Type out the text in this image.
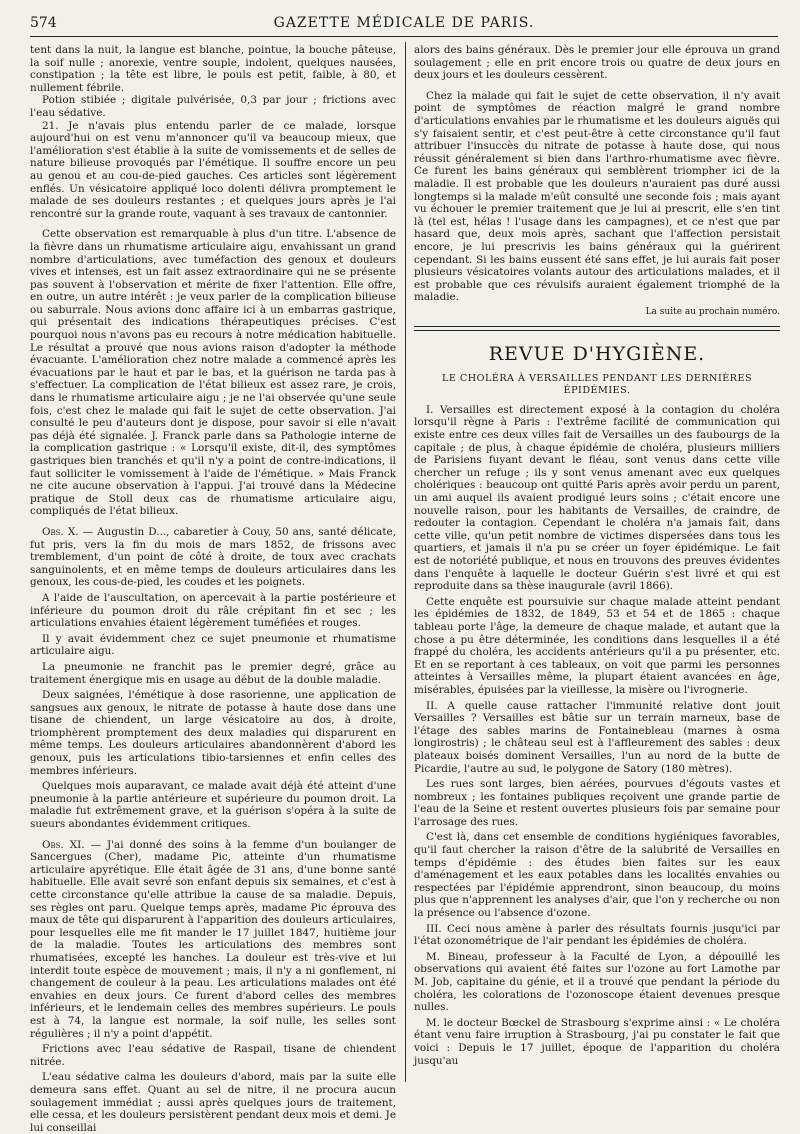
574	GAZETTE MÉDICALE DE PARIS.

tent dans la nuit, la langue est blanche, pointue, la bouche pâteuse, la soif nulle ; anorexie, ventre souple, indolent, quelques nausées, constipation ; la tête est libre, le pouls est petit, faible, à 80, et nullement fébrile.

Potion stibiée ; digitale pulvérisée, 0,3 par jour ; frictions avec l'eau sédative.

21. Je n'avais plus entendu parler de ce malade, lorsque aujourd'hui on est venu m'annoncer qu'il va beaucoup mieux, que l'amélioration s'est établie à la suite de vomissements et de selles de nature bilieuse provoqués par l'émétique. Il souffre encore un peu au genou et au cou-de-pied gauches. Ces articles sont légèrement enflés. Un vésicatoire appliqué loco dolenti délivra promptement le malade de ses douleurs restantes ; et quelques jours après je l'ai rencontré sur la grande route, vaquant à ses travaux de cantonnier.

Cette observation est remarquable à plus d'un titre. L'absence de la fièvre dans un rhumatisme articulaire aigu, envahissant un grand nombre d'articulations, avec tuméfaction des genoux et douleurs vives et intenses, est un fait assez extraordinaire qui ne se présente pas souvent à l'observation et mérite de fixer l'attention. Elle offre, en outre, un autre intérêt : je veux parler de la complication bilieuse ou saburrale. Nous avions donc affaire ici à un embarras gastrique, qui présentait des indications thérapeutiques précises. C'est pourquoi nous n'avons pas eu recours à notre médication habituelle. Le résultat a prouvé que nous avions raison d'adopter la méthode évacuante. L'amélioration chez notre malade a commencé après les évacuations par le haut et par le bas, et la guérison ne tarda pas à s'effectuer. La complication de l'état bilieux est assez rare, je crois, dans le rhumatisme articulaire aigu ; je ne l'ai observée qu'une seule fois, c'est chez le malade qui fait le sujet de cette observation. J'ai consulté le peu d'auteurs dont je dispose, pour savoir si elle n'avait pas déjà été signalée. J. Franck parle dans sa Pathologie interne de la complication gastrique : « Lorsqu'il existe, dit-il, des symptômes gastriques bien tranchés et qu'il n'y a point de contre-indications, il faut solliciter le vomissement à l'aide de l'émétique. » Mais Franck ne cite aucune observation à l'appui. J'ai trouvé dans la Médecine pratique de Stoll deux cas de rhumatisme articulaire aigu, compliqués de l'état bilieux.

Obs. X. — Augustin D..., cabaretier à Couy, 50 ans, santé délicate, fut pris, vers la fin du mois de mars 1852, de frissons avec tremblement, d'un point de côté à droite, de toux avec crachats sanguinolents, et en même temps de douleurs articulaires dans les genoux, les cous-de-pied, les coudes et les poignets.

A l'aide de l'auscultation, on apercevait à la partie postérieure et inférieure du poumon droit du râle crépitant fin et sec ; les articulations envahies étaient légèrement tuméfiées et rouges.

Il y avait évidemment chez ce sujet pneumonie et rhumatisme articulaire aigu.

La pneumonie ne franchit pas le premier degré, grâce au traitement énergique mis en usage au début de la double maladie.

Deux saignées, l'émétique à dose rasorienne, une application de sangsues aux genoux, le nitrate de potasse à haute dose dans une tisane de chiendent, un large vésicatoire au dos, à droite, triomphèrent promptement des deux maladies qui disparurent en même temps. Les douleurs articulaires abandonnèrent d'abord les genoux, puis les articulations tibio-tarsiennes et enfin celles des membres inférieurs.

Quelques mois auparavant, ce malade avait déjà été atteint d'une pneumonie à la partie antérieure et supérieure du poumon droit. La maladie fut extrêmement grave, et la guérison s'opéra à la suite de sueurs abondantes évidemment critiques.

Obs. XI. — J'ai donné des soins à la femme d'un boulanger de Sancergues (Cher), madame Pic, atteinte d'un rhumatisme articulaire apyrétique. Elle était âgée de 31 ans, d'une bonne santé habituelle. Elle avait sevré son enfant depuis six semaines, et c'est à cette circonstance qu'elle attribue la cause de sa maladie. Depuis, ses règles ont paru. Quelque temps après, madame Pic éprouva des maux de tête qui disparurent à l'apparition des douleurs articulaires, pour lesquelles elle me fit mander le 17 juillet 1847, huitième jour de la maladie. Toutes les articulations des membres sont rhumatisées, excepté les hanches. La douleur est très-vive et lui interdit toute espèce de mouvement ; mais, il n'y a ni gonflement, ni changement de couleur à la peau. Les articulations malades ont été envahies en deux jours. Ce furent d'abord celles des membres inférieurs, et le lendemain celles des membres supérieurs. Le pouls est à 74, la langue est normale, la soif nulle, les selles sont régulières ; il n'y a point d'appétit.

Frictions avec l'eau sédative de Raspail, tisane de chiendent nitrée.

L'eau sédative calma les douleurs d'abord, mais par la suite elle demeura sans effet. Quant au sel de nitre, il ne procura aucun soulagement immédiat ; aussi après quelques jours de traitement, elle cessa, et les douleurs persistèrent pendant deux mois et demi. Je lui conseillai

alors des bains généraux. Dès le premier jour elle éprouva un grand soulagement ; elle en prit encore trois ou quatre de deux jours en deux jours et les douleurs cessèrent.

Chez la malade qui fait le sujet de cette observation, il n'y avait point de symptômes de réaction malgré le grand nombre d'articulations envahies par le rhumatisme et les douleurs aiguës qui s'y faisaient sentir, et c'est peut-être à cette circonstance qu'il faut attribuer l'insuccès du nitrate de potasse à haute dose, qui nous réussit généralement si bien dans l'arthro-rhumatisme avec fièvre. Ce furent les bains généraux qui semblèrent triompher ici de la maladie. Il est probable que les douleurs n'auraient pas duré aussi longtemps si la malade m'eût consulté une seconde fois ; mais ayant vu échouer le premier traitement que je lui ai prescrit, elle s'en tint là (tel est, hélas ! l'usage dans les campagnes), et ce n'est que par hasard que, deux mois après, sachant que l'affection persistait encore, je lui prescrivis les bains généraux qui la guérirent cependant. Si les bains eussent été sans effet, je lui aurais fait poser plusieurs vésicatoires volants autour des articulations malades, et il est probable que ces révulsifs auraient également triomphé de la maladie.

La suite au prochain numéro.

REVUE D'HYGIÈNE.
LE CHOLÉRA À VERSAILLES PENDANT LES DERNIÈRES ÉPIDÉMIES.

I. Versailles est directement exposé à la contagion du choléra lorsqu'il règne à Paris : l'extrême facilité de communication qui existe entre ces deux villes fait de Versailles un des faubourgs de la capitale ; de plus, à chaque épidémie de choléra, plusieurs milliers de Parisiens fuyant devant le fléau, sont venus dans cette ville chercher un refuge ; ils y sont venus amenant avec eux quelques cholériques : beaucoup ont quitté Paris après avoir perdu un parent, un ami auquel ils avaient prodigué leurs soins ; c'était encore une nouvelle raison, pour les habitants de Versailles, de craindre, de redouter la contagion. Cependant le choléra n'a jamais fait, dans cette ville, qu'un petit nombre de victimes dispersées dans tous les quartiers, et jamais il n'a pu se créer un foyer épidémique. Le fait est de notoriété publique, et nous en trouvons des preuves évidentes dans l'enquête à laquelle le docteur Guérin s'est livré et qui est reproduite dans sa thèse inaugurale (avril 1866).

Cette enquête est poursuivie sur chaque malade atteint pendant les épidémies de 1832, de 1849, 53 et 54 et de 1865 : chaque tableau porte l'âge, la demeure de chaque malade, et autant que la chose a pu être déterminée, les conditions dans lesquelles il a été frappé du choléra, les accidents antérieurs qu'il a pu présenter, etc. Et en se reportant à ces tableaux, on voit que parmi les personnes atteintes à Versailles même, la plupart étaient avancées en âge, misérables, épuisées par la vieillesse, la misère ou l'ivrognerie.

II. A quelle cause rattacher l'immunité relative dont jouit Versailles ? Versailles est bâtie sur un terrain marneux, base de l'étage des sables marins de Fontainebleau (marnes à osma longirostris) ; le château seul est à l'affleurement des sables : deux plateaux boisés dominent Versailles, l'un au nord de la butte de Picardie, l'autre au sud, le polygone de Satory (180 mètres).

Les rues sont larges, bien aérées, pourvues d'égouts vastes et nombreux ; les fontaines publiques reçoivent une grande partie de l'eau de la Seine et restent ouvertes plusieurs fois par semaine pour l'arrosage des rues.

C'est là, dans cet ensemble de conditions hygiéniques favorables, qu'il faut chercher la raison d'être de la salubrité de Versailles en temps d'épidémie : des études bien faites sur les eaux d'aménagement et les eaux potables dans les localités envahies ou respectées par l'épidémie apprendront, sinon beaucoup, du moins plus que n'apprennent les analyses d'air, que l'on y recherche ou non la présence ou l'absence d'ozone.

III. Ceci nous amène à parler des résultats fournis jusqu'ici par l'état ozonométrique de l'air pendant les épidémies de choléra.

M. Bineau, professeur à la Faculté de Lyon, a dépouillé les observations qui avaient été faites sur l'ozone au fort Lamothe par M. Job, capitaine du génie, et il a trouvé que pendant la période du choléra, les colorations de l'ozonoscope étaient devenues presque nulles.

M. le docteur Bœckel de Strasbourg s'exprime ainsi : « Le choléra étant venu faire irruption à Strasbourg, j'ai pu constater le fait que voici : Depuis le 17 juillet, époque de l'apparition du choléra jusqu'au
